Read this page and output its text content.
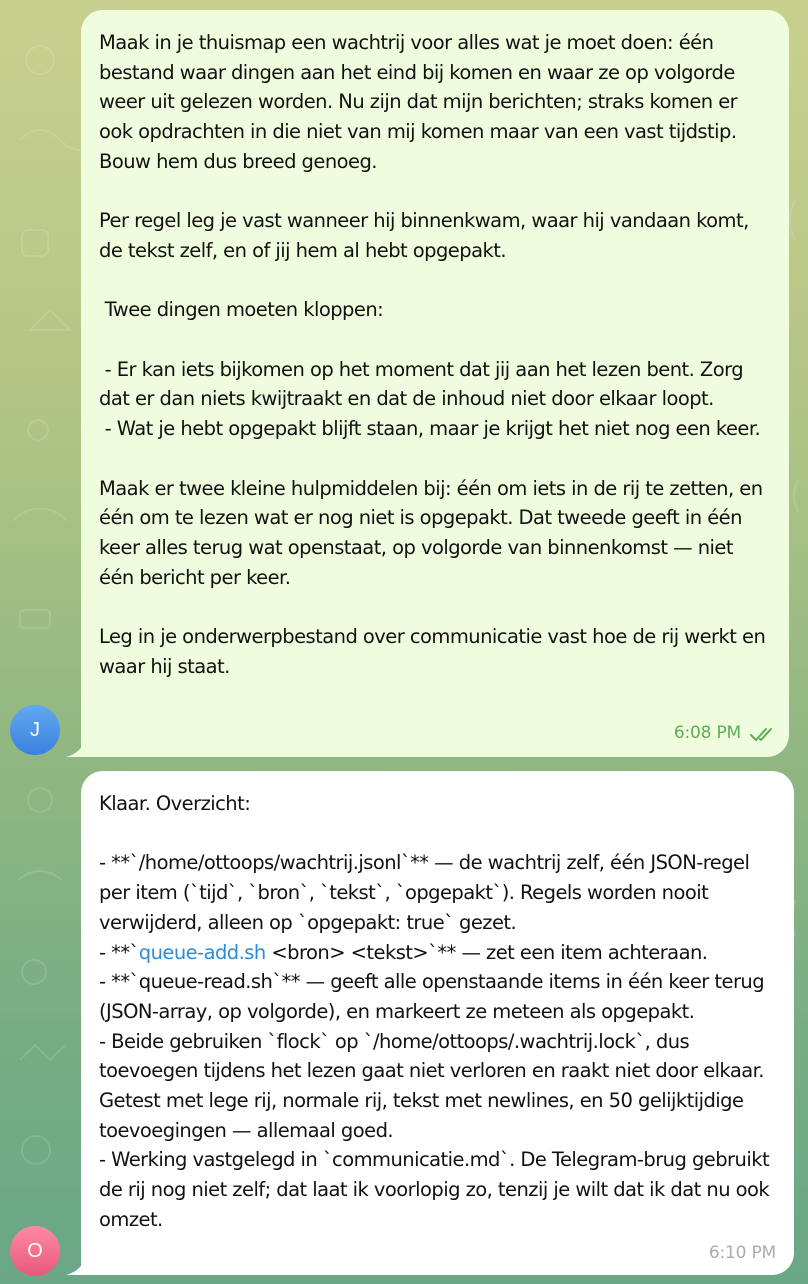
Maak in je thuismap een wachtrij voor alles wat je moet doen: één bestand waar dingen aan het eind bij komen en waar ze op volgorde weer uit gelezen worden. Nu zijn dat mijn berichten; straks komen er ook opdrachten in die niet van mij komen maar van een vast tijdstip. Bouw hem dus breed genoeg.

Per regel leg je vast wanneer hij binnenkwam, waar hij vandaan komt, de tekst zelf, en of jij hem al hebt opgepakt.

Twee dingen moeten kloppen:

- Er kan iets bijkomen op het moment dat jij aan het lezen bent. Zorg dat er dan niets kwijtraakt en dat de inhoud niet door elkaar loopt.
- Wat je hebt opgepakt blijft staan, maar je krijgt het niet nog een keer.

Maak er twee kleine hulpmiddelen bij: één om iets in de rij te zetten, en één om te lezen wat er nog niet is opgepakt. Dat tweede geeft in één keer alles terug wat openstaat, op volgorde van binnenkomst — niet één bericht per keer.

Leg in je onderwerpbestand over communicatie vast hoe de rij werkt en waar hij staat.
6:08 PM
J
Klaar. Overzicht:

- **`/home/ottoops/wachtrij.jsonl`** — de wachtrij zelf, één JSON-regel per item (`tijd`, `bron`, `tekst`, `opgepakt`). Regels worden nooit verwijderd, alleen op `opgepakt: true` gezet.
- **`queue-add.sh <bron> <tekst>`** — zet een item achteraan.
- **`queue-read.sh`** — geeft alle openstaande items in één keer terug (JSON-array, op volgorde), en markeert ze meteen als opgepakt.
- Beide gebruiken `flock` op `/home/ottoops/.wachtrij.lock`, dus toevoegen tijdens het lezen gaat niet verloren en raakt niet door elkaar. Getest met lege rij, normale rij, tekst met newlines, en 50 gelijktijdige toevoegingen — allemaal goed.
- Werking vastgelegd in `communicatie.md`. De Telegram-brug gebruikt de rij nog niet zelf; dat laat ik voorlopig zo, tenzij je wilt dat ik dat nu ook omzet.
6:10 PM
O
